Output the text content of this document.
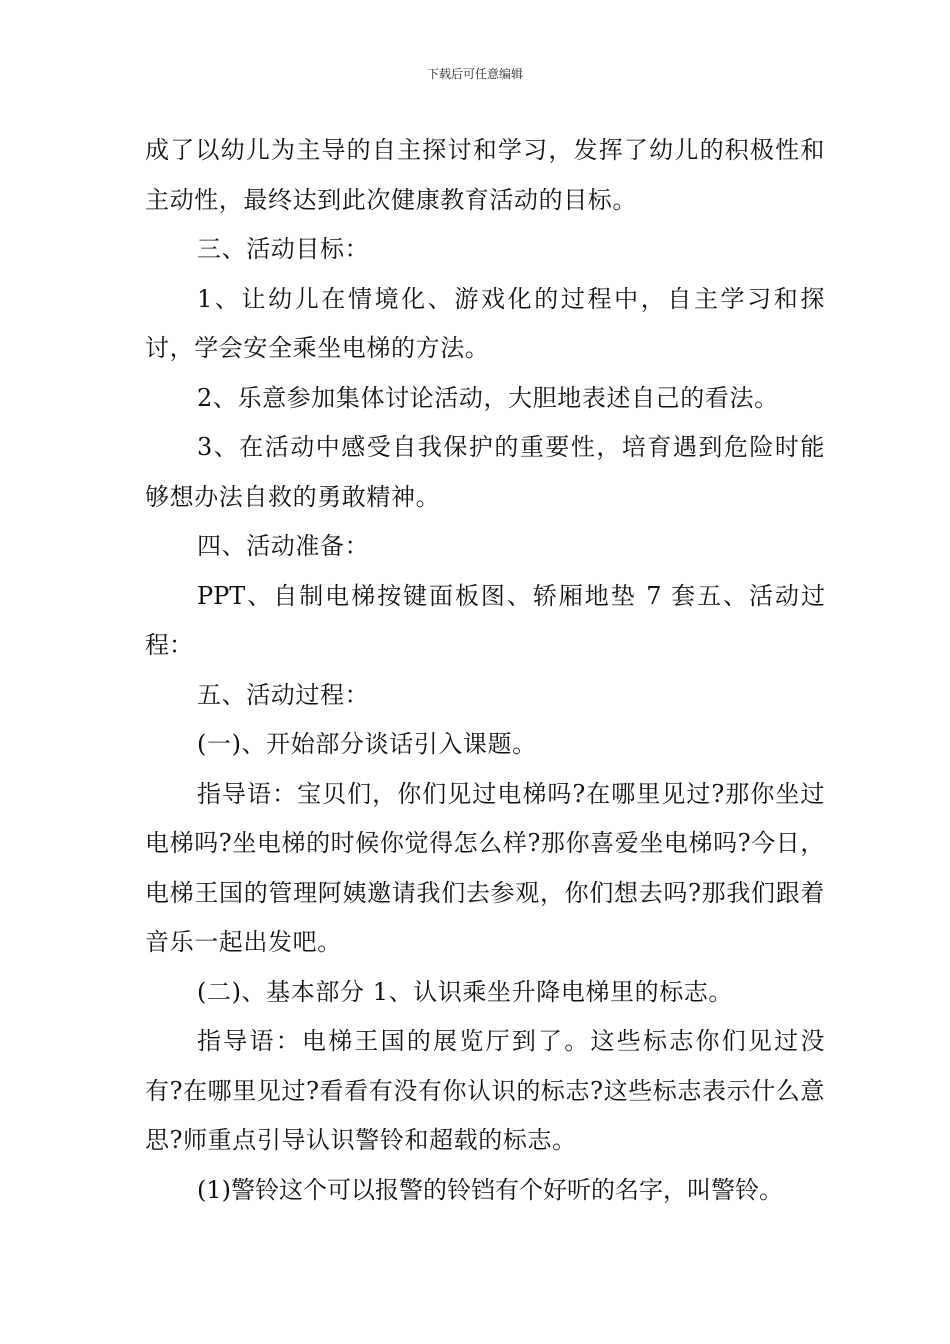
下载后可任意编辑

成了以幼儿为主导的自主探讨和学习，发挥了幼儿的积极性和主动性，最终达到此次健康教育活动的目标。

三、活动目标：

1、让幼儿在情境化、游戏化的过程中，自主学习和探讨，学会安全乘坐电梯的方法。

2、乐意参加集体讨论活动，大胆地表述自己的看法。

3、在活动中感受自我保护的重要性，培育遇到危险时能够想办法自救的勇敢精神。

四、活动准备：

PPT、自制电梯按键面板图、轿厢地垫 7 套五、活动过程：

五、活动过程：

(一)、开始部分谈话引入课题。

指导语：宝贝们，你们见过电梯吗?在哪里见过?那你坐过电梯吗?坐电梯的时候你觉得怎么样?那你喜爱坐电梯吗?今日，电梯王国的管理阿姨邀请我们去参观，你们想去吗?那我们跟着音乐一起出发吧。

(二)、基本部分 1、认识乘坐升降电梯里的标志。

指导语：电梯王国的展览厅到了。这些标志你们见过没有?在哪里见过?看看有没有你认识的标志?这些标志表示什么意思?师重点引导认识警铃和超载的标志。

(1)警铃这个可以报警的铃铛有个好听的名字，叫警铃。
